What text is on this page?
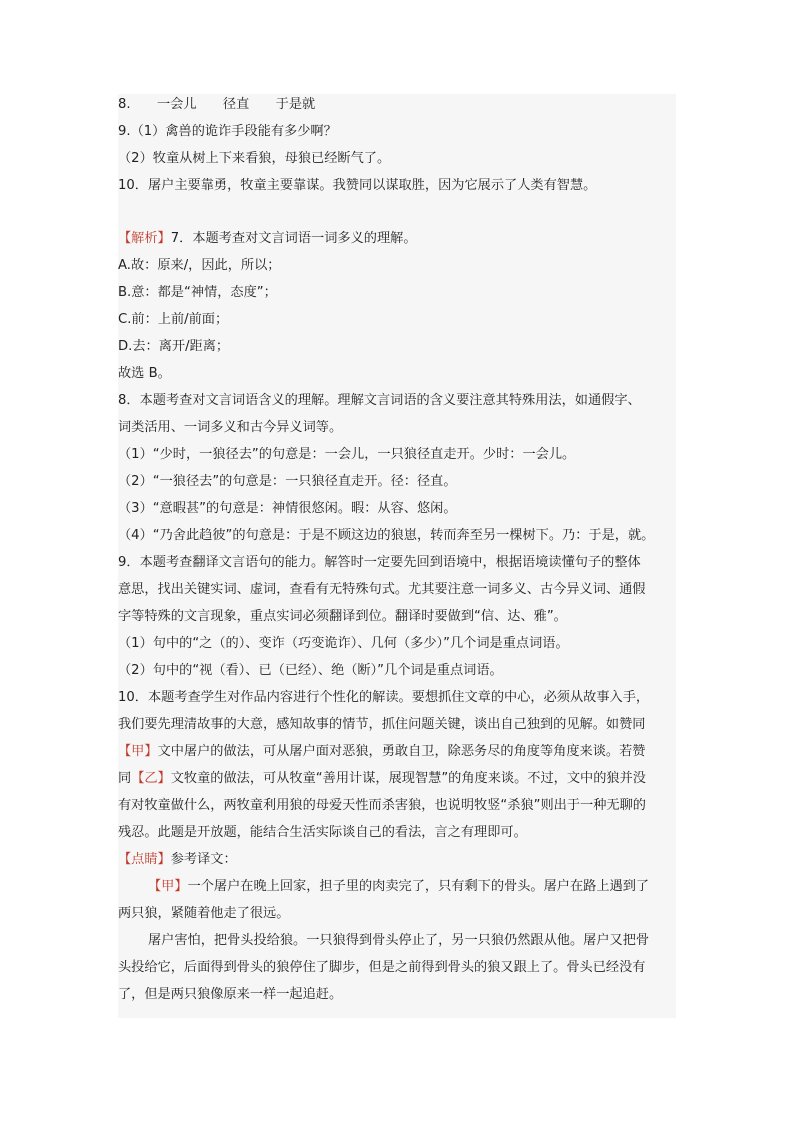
8.　　一会儿　　径直　　于是就
9.（1）禽兽的诡诈手段能有多少啊？
（2）牧童从树上下来看狼，母狼已经断气了。
10．屠户主要靠勇，牧童主要靠谋。我赞同以谋取胜，因为它展示了人类有智慧。
【解析】7．本题考查对文言词语一词多义的理解。
A.故：原来/，因此，所以；
B.意：都是“神情，态度”；
C.前：上前/前面；
D.去：离开/距离；
故选 B。
8．本题考查对文言词语含义的理解。理解文言词语的含义要注意其特殊用法，如通假字、
词类活用、一词多义和古今异义词等。
（1）“少时，一狼径去”的句意是：一会儿，一只狼径直走开。少时：一会儿。
（2）“一狼径去”的句意是：一只狼径直走开。径：径直。
（3）“意暇甚”的句意是：神情很悠闲。暇：从容、悠闲。
（4）“乃舍此趋彼”的句意是：于是不顾这边的狼崽，转而奔至另一棵树下。乃：于是，就。
9．本题考查翻译文言语句的能力。解答时一定要先回到语境中，根据语境读懂句子的整体
意思，找出关键实词、虚词，查看有无特殊句式。尤其要注意一词多义、古今异义词、通假
字等特殊的文言现象，重点实词必须翻译到位。翻译时要做到“信、达、雅”。
（1）句中的“之（的）、变诈（巧变诡诈）、几何（多少）”几个词是重点词语。
（2）句中的“视（看）、已（已经）、绝（断）”几个词是重点词语。
10．本题考查学生对作品内容进行个性化的解读。要想抓住文章的中心，必须从故事入手，
我们要先理清故事的大意，感知故事的情节，抓住问题关键，谈出自己独到的见解。如赞同
【甲】文中屠户的做法，可从屠户面对恶狼，勇敢自卫，除恶务尽的角度等角度来谈。若赞
同【乙】文牧童的做法，可从牧童“善用计谋，展现智慧”的角度来谈。不过，文中的狼并没
有对牧童做什么，两牧童利用狼的母爱天性而杀害狼，也说明牧竖“杀狼”则出于一种无聊的
残忍。此题是开放题，能结合生活实际谈自己的看法，言之有理即可。
【点睛】参考译文：
【甲】一个屠户在晚上回家，担子里的肉卖完了，只有剩下的骨头。屠户在路上遇到了
两只狼，紧随着他走了很远。
屠户害怕，把骨头投给狼。一只狼得到骨头停止了，另一只狼仍然跟从他。屠户又把骨
头投给它，后面得到骨头的狼停住了脚步，但是之前得到骨头的狼又跟上了。骨头已经没有
了，但是两只狼像原来一样一起追赶。
